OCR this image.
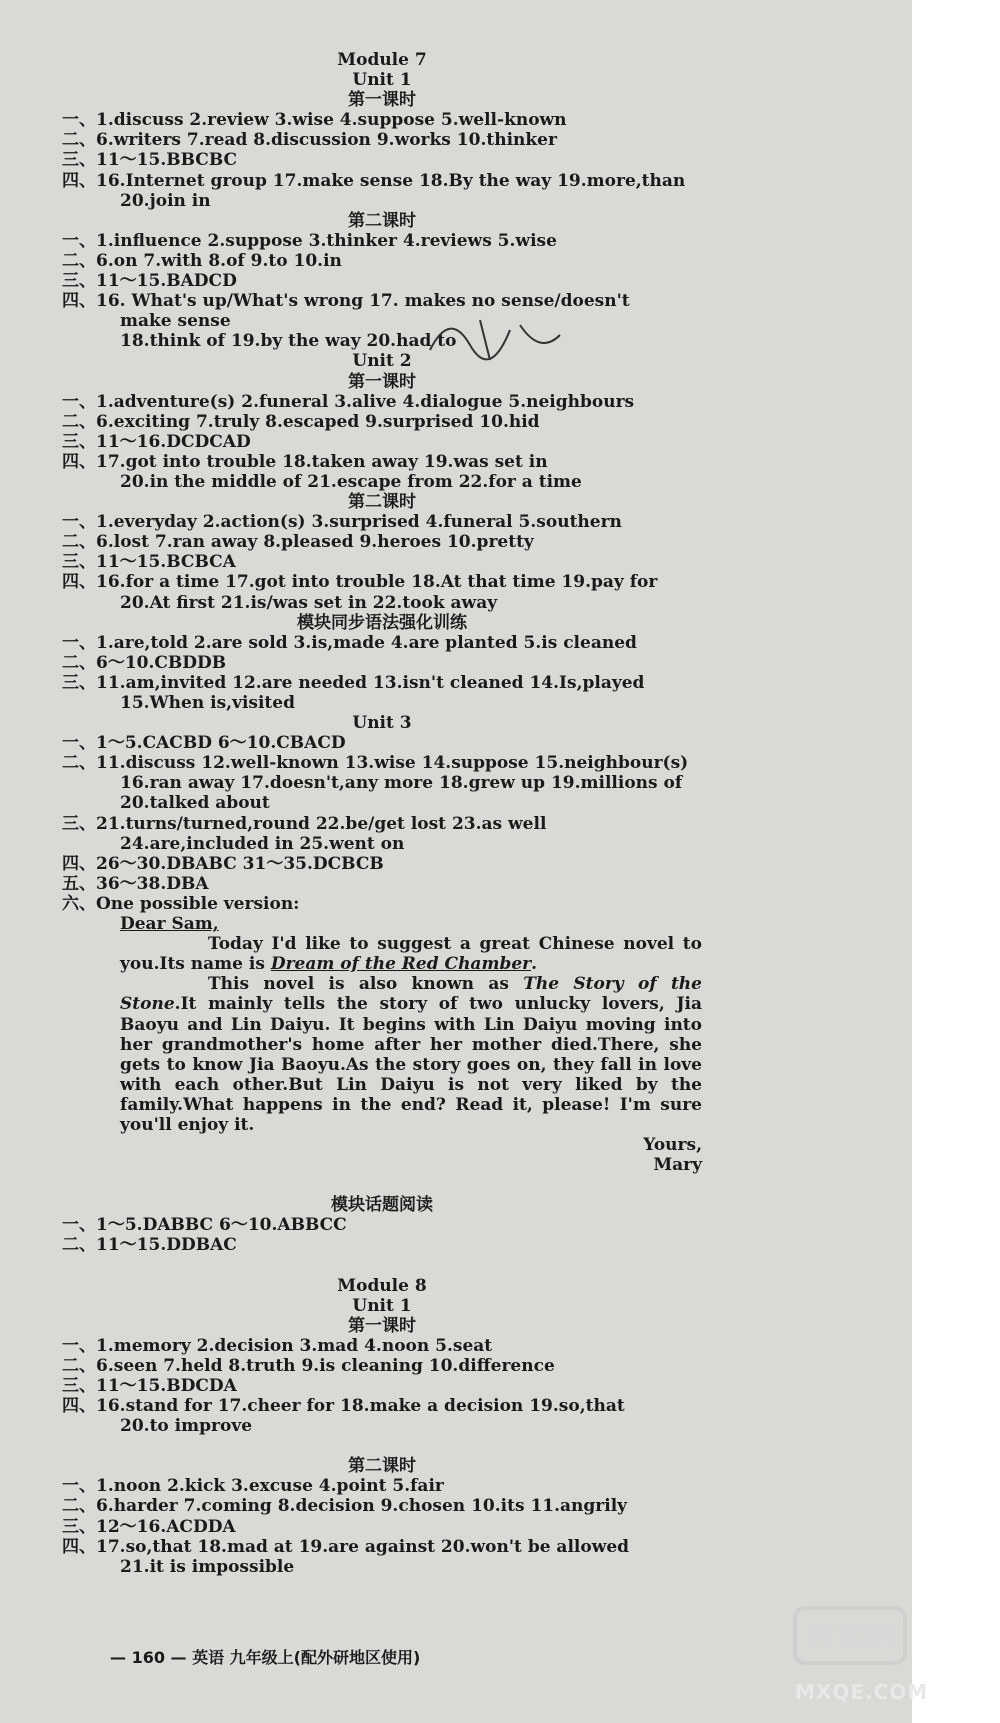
Module 7
Unit 1
第一课时
一、1.discuss 2.review 3.wise 4.suppose 5.well-known
二、6.writers 7.read 8.discussion 9.works 10.thinker
三、11～15.BBCBC
四、16.Internet group 17.make sense 18.By the way 19.more,than
20.join in
第二课时
一、1.influence 2.suppose 3.thinker 4.reviews 5.wise
二、6.on 7.with 8.of 9.to 10.in
三、11～15.BADCD
四、16. What's up/What's wrong 17. makes no sense/doesn't
make sense
18.think of 19.by the way 20.had to
Unit 2
第一课时
一、1.adventure(s) 2.funeral 3.alive 4.dialogue 5.neighbours
二、6.exciting 7.truly 8.escaped 9.surprised 10.hid
三、11～16.DCDCAD
四、17.got into trouble 18.taken away 19.was set in
20.in the middle of 21.escape from 22.for a time
第二课时
一、1.everyday 2.action(s) 3.surprised 4.funeral 5.southern
二、6.lost 7.ran away 8.pleased 9.heroes 10.pretty
三、11～15.BCBCA
四、16.for a time 17.got into trouble 18.At that time 19.pay for
20.At first 21.is/was set in 22.took away
模块同步语法强化训练
一、1.are,told 2.are sold 3.is,made 4.are planted 5.is cleaned
二、6～10.CBDDB
三、11.am,invited 12.are needed 13.isn't cleaned 14.Is,played
15.When is,visited
Unit 3
一、1～5.CACBD 6～10.CBACD
二、11.discuss 12.well-known 13.wise 14.suppose 15.neighbour(s)
16.ran away 17.doesn't,any more 18.grew up 19.millions of
20.talked about
三、21.turns/turned,round 22.be/get lost 23.as well
24.are,included in 25.went on
四、26～30.DBABC 31～35.DCBCB
五、36～38.DBA
六、One possible version:
Dear Sam,
Today I'd like to suggest a great Chinese novel to you.Its name is Dream of the Red Chamber.
This novel is also known as The Story of the Stone.It mainly tells the story of two unlucky lovers, Jia Baoyu and Lin Daiyu. It begins with Lin Daiyu moving into her grandmother's home after her mother died.There, she gets to know Jia Baoyu.As the story goes on, they fall in love with each other.But Lin Daiyu is not very liked by the family.What happens in the end? Read it, please! I'm sure you'll enjoy it.
Yours,
Mary
模块话题阅读
一、1～5.DABBC 6～10.ABBCC
二、11～15.DDBAC
Module 8
Unit 1
第一课时
一、1.memory 2.decision 3.mad 4.noon 5.seat
二、6.seen 7.held 8.truth 9.is cleaning 10.difference
三、11～15.BDCDA
四、16.stand for 17.cheer for 18.make a decision 19.so,that
20.to improve
第二课时
一、1.noon 2.kick 3.excuse 4.point 5.fair
二、6.harder 7.coming 8.decision 9.chosen 10.its 11.angrily
三、12～16.ACDDA
四、17.so,that 18.mad at 19.are against 20.won't be allowed
21.it is impossible
— 160 — 英语 九年级上(配外研地区使用)
答案圈
MXQE.COM
